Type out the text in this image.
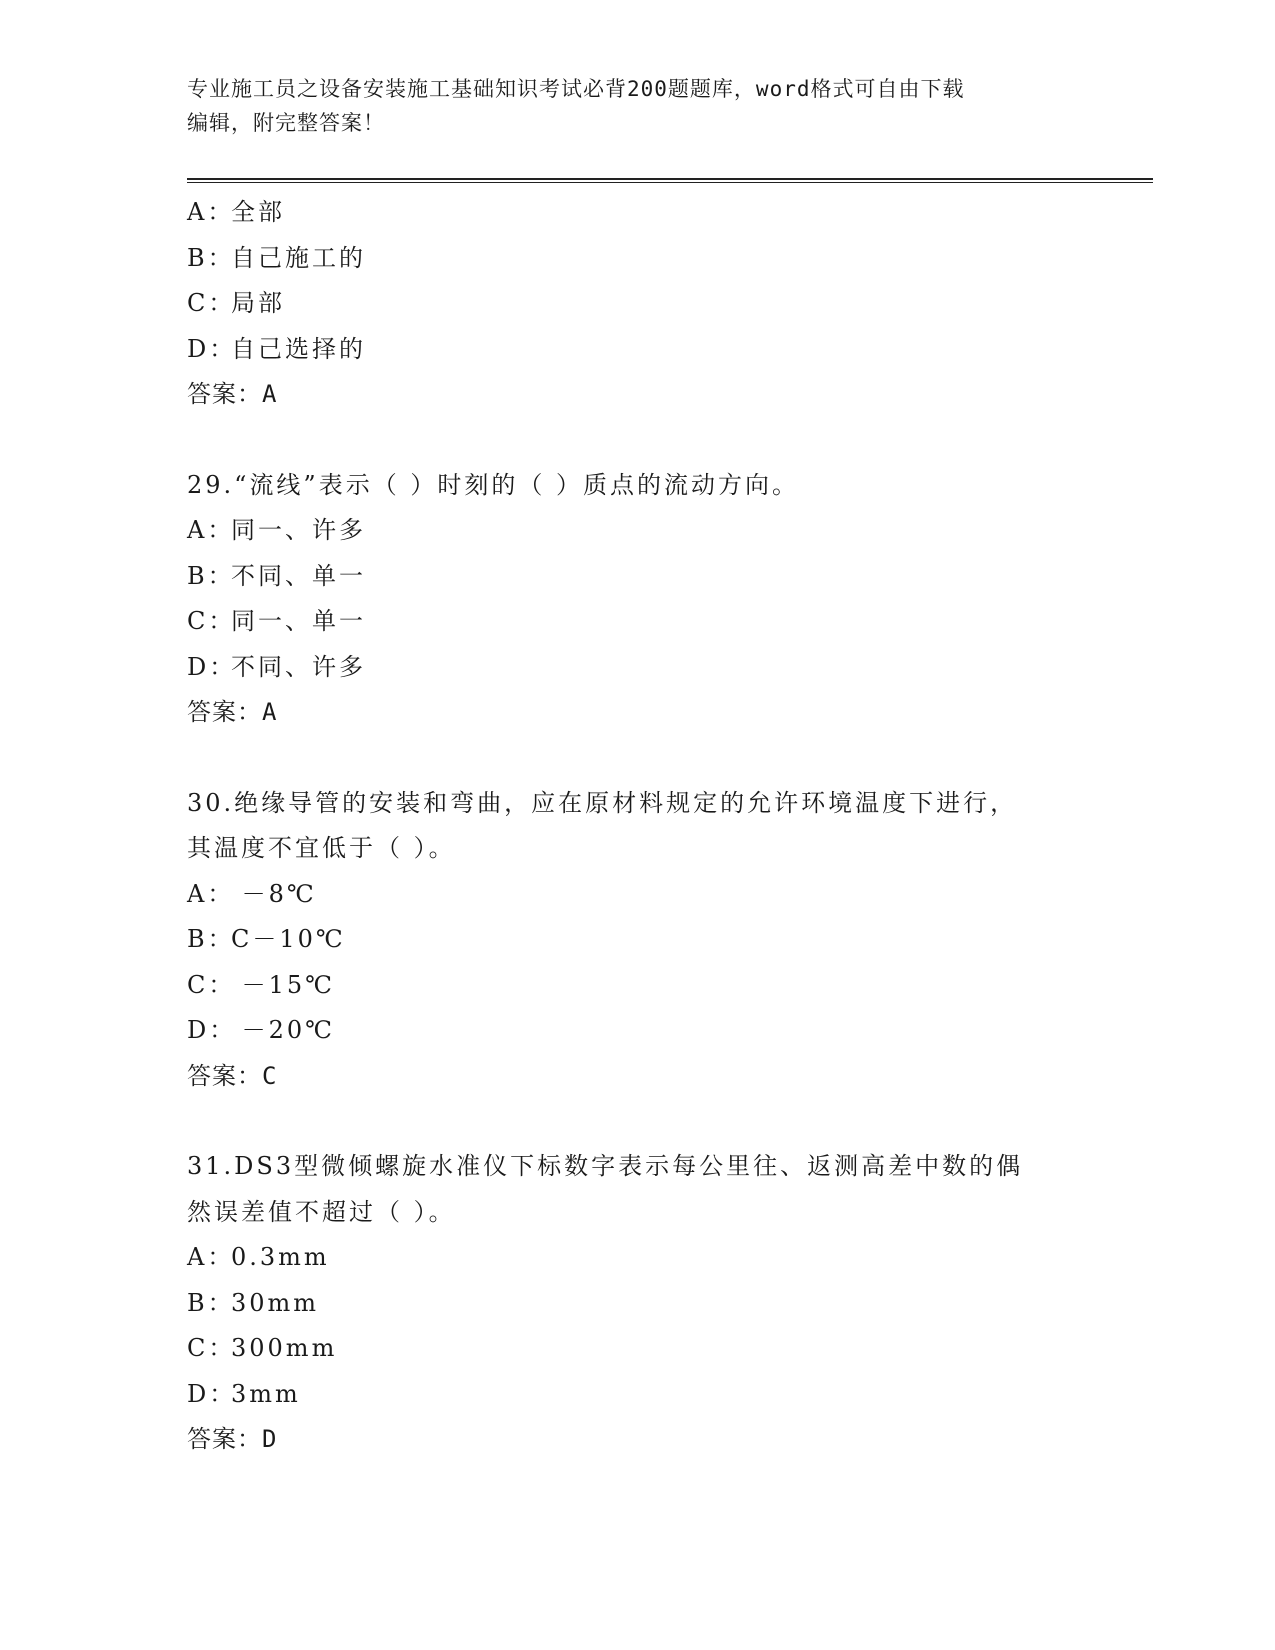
专业施工员之设备安装施工基础知识考试必背200题题库，word格式可自由下载
编辑，附完整答案！
A：全部
B：自己施工的
C：局部
D：自己选择的
答案：A
29.“流线”表示（ ）时刻的（ ）质点的流动方向。
A：同一、许多
B：不同、单一
C：同一、单一
D：不同、许多
答案：A
30.绝缘导管的安装和弯曲，应在原材料规定的允许环境温度下进行，
其温度不宜低于（ ）。
A： －8℃
B：C－10℃
C： －15℃
D： －20℃
答案：C
31.DS3型微倾螺旋水准仪下标数字表示每公里往、返测高差中数的偶
然误差值不超过（ ）。
A：0.3mm
B：30mm
C：300mm
D：3mm
答案：D
